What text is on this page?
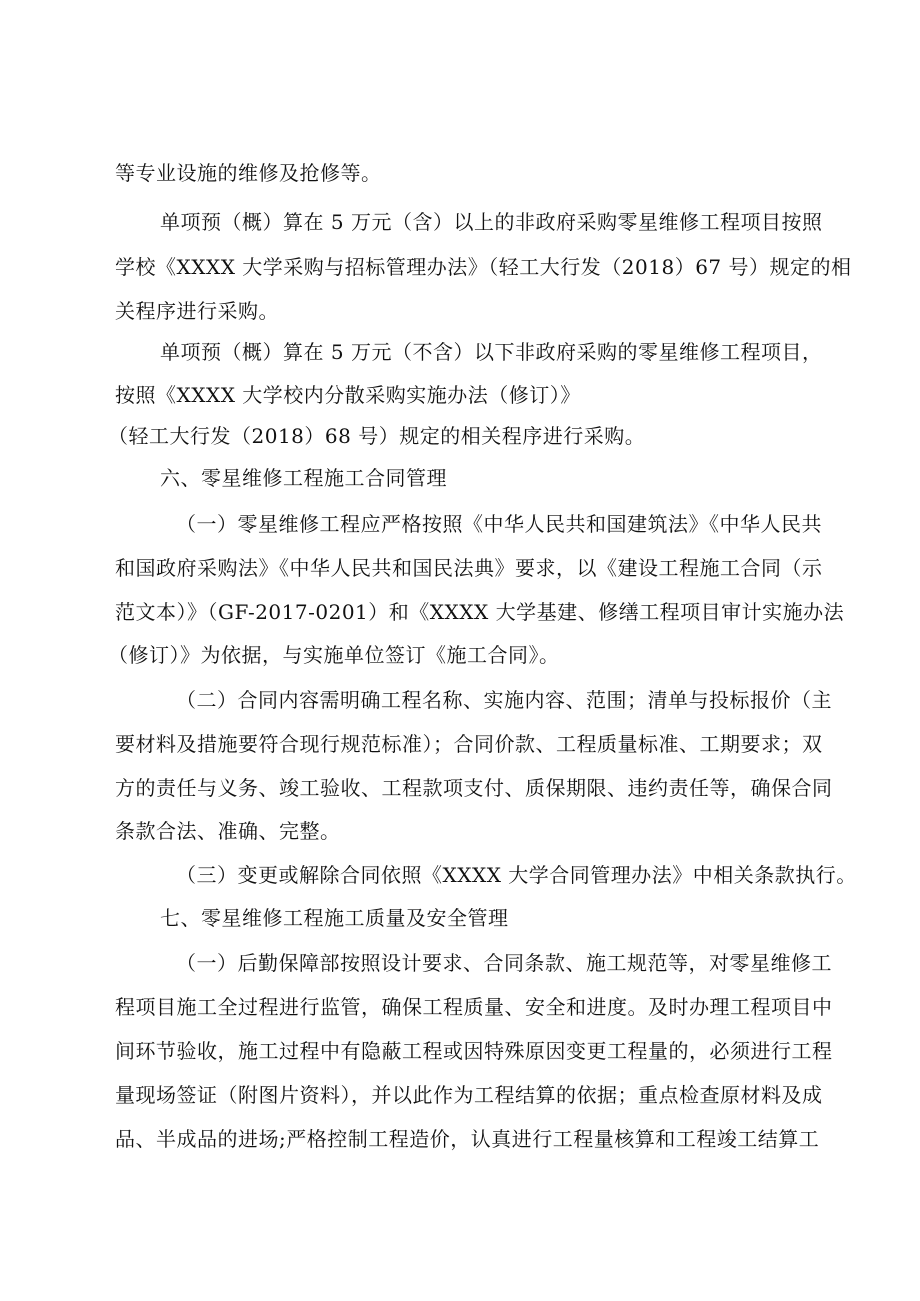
等专业设施的维修及抢修等。
单项预（概）算在 5 万元（含）以上的非政府采购零星维修工程项目按照
学校《XXXX 大学采购与招标管理办法》（轻工大行发（2018）67 号）规定的相
关程序进行采购。
单项预（概）算在 5 万元（不含）以下非政府采购的零星维修工程项目，
按照《XXXX 大学校内分散采购实施办法（修订）》
（轻工大行发（2018）68 号）规定的相关程序进行采购。
六、零星维修工程施工合同管理
（一）零星维修工程应严格按照《中华人民共和国建筑法》《中华人民共
和国政府采购法》《中华人民共和国民法典》要求，以《建设工程施工合同（示
范文本）》（GF-2017-0201）和《XXXX 大学基建、修缮工程项目审计实施办法
（修订）》为依据，与实施单位签订《施工合同》。
（二）合同内容需明确工程名称、实施内容、范围；清单与投标报价（主
要材料及措施要符合现行规范标准）；合同价款、工程质量标准、工期要求；双
方的责任与义务、竣工验收、工程款项支付、质保期限、违约责任等，确保合同
条款合法、准确、完整。
（三）变更或解除合同依照《XXXX 大学合同管理办法》中相关条款执行。
七、零星维修工程施工质量及安全管理
（一）后勤保障部按照设计要求、合同条款、施工规范等，对零星维修工
程项目施工全过程进行监管，确保工程质量、安全和进度。及时办理工程项目中
间环节验收，施工过程中有隐蔽工程或因特殊原因变更工程量的，必须进行工程
量现场签证（附图片资料），并以此作为工程结算的依据；重点检查原材料及成
品、半成品的进场;严格控制工程造价，认真进行工程量核算和工程竣工结算工
